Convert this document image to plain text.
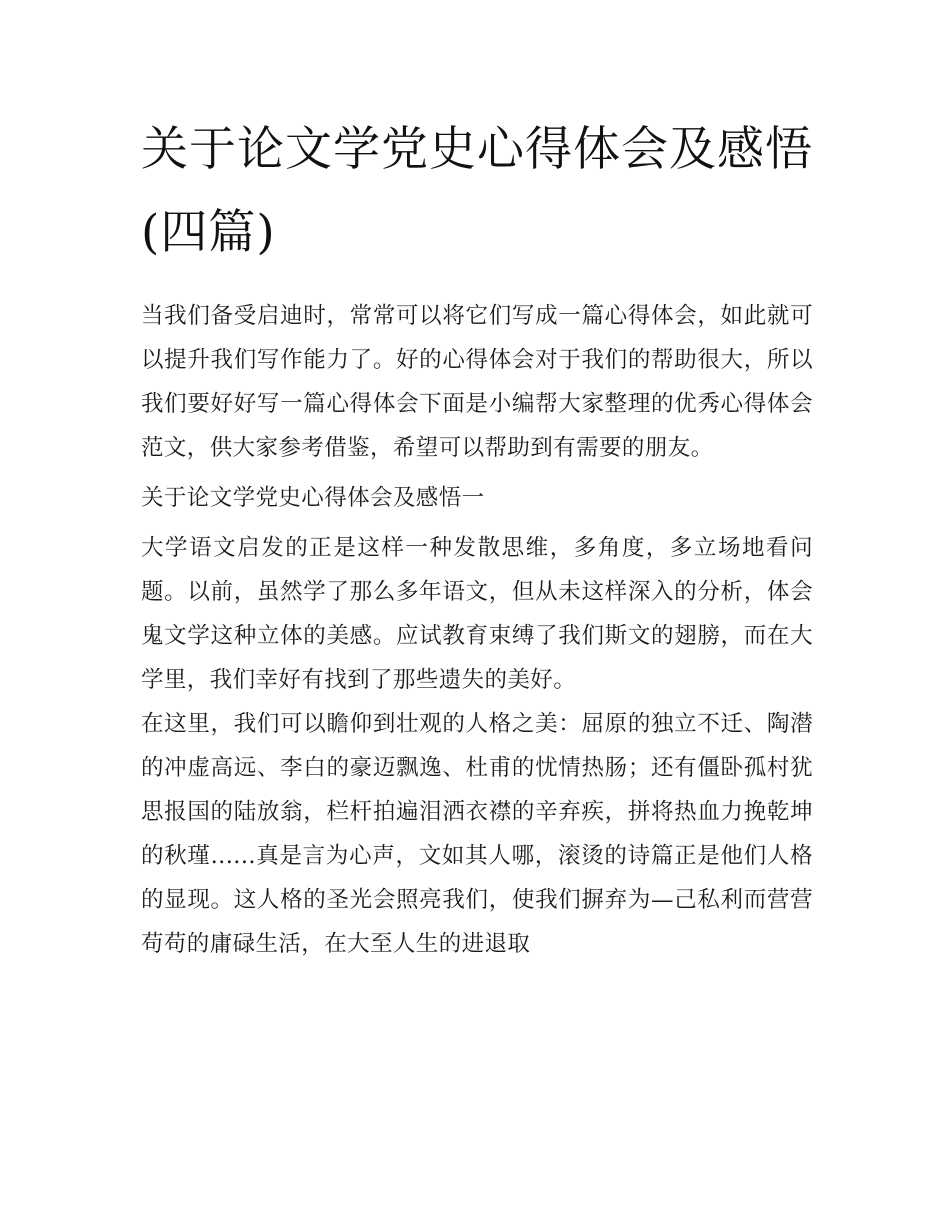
关于论文学党史心得体会及感悟(四篇)

当我们备受启迪时，常常可以将它们写成一篇心得体会，如此就可以提升我们写作能力了。好的心得体会对于我们的帮助很大，所以我们要好好写一篇心得体会下面是小编帮大家整理的优秀心得体会范文，供大家参考借鉴，希望可以帮助到有需要的朋友。

关于论文学党史心得体会及感悟一

大学语文启发的正是这样一种发散思维，多角度，多立场地看问题。以前，虽然学了那么多年语文，但从未这样深入的分析，体会鬼文学这种立体的美感。应试教育束缚了我们斯文的翅膀，而在大学里，我们幸好有找到了那些遗失的美好。

在这里，我们可以瞻仰到壮观的人格之美：屈原的独立不迁、陶潜的冲虚高远、李白的豪迈飘逸、杜甫的忧情热肠；还有僵卧孤村犹思报国的陆放翁，栏杆拍遍泪洒衣襟的辛弃疾，拼将热血力挽乾坤的秋瑾......真是言为心声，文如其人哪，滚烫的诗篇正是他们人格的显现。这人格的圣光会照亮我们，使我们摒弃为—己私利而营营苟苟的庸碌生活，在大至人生的进退取
